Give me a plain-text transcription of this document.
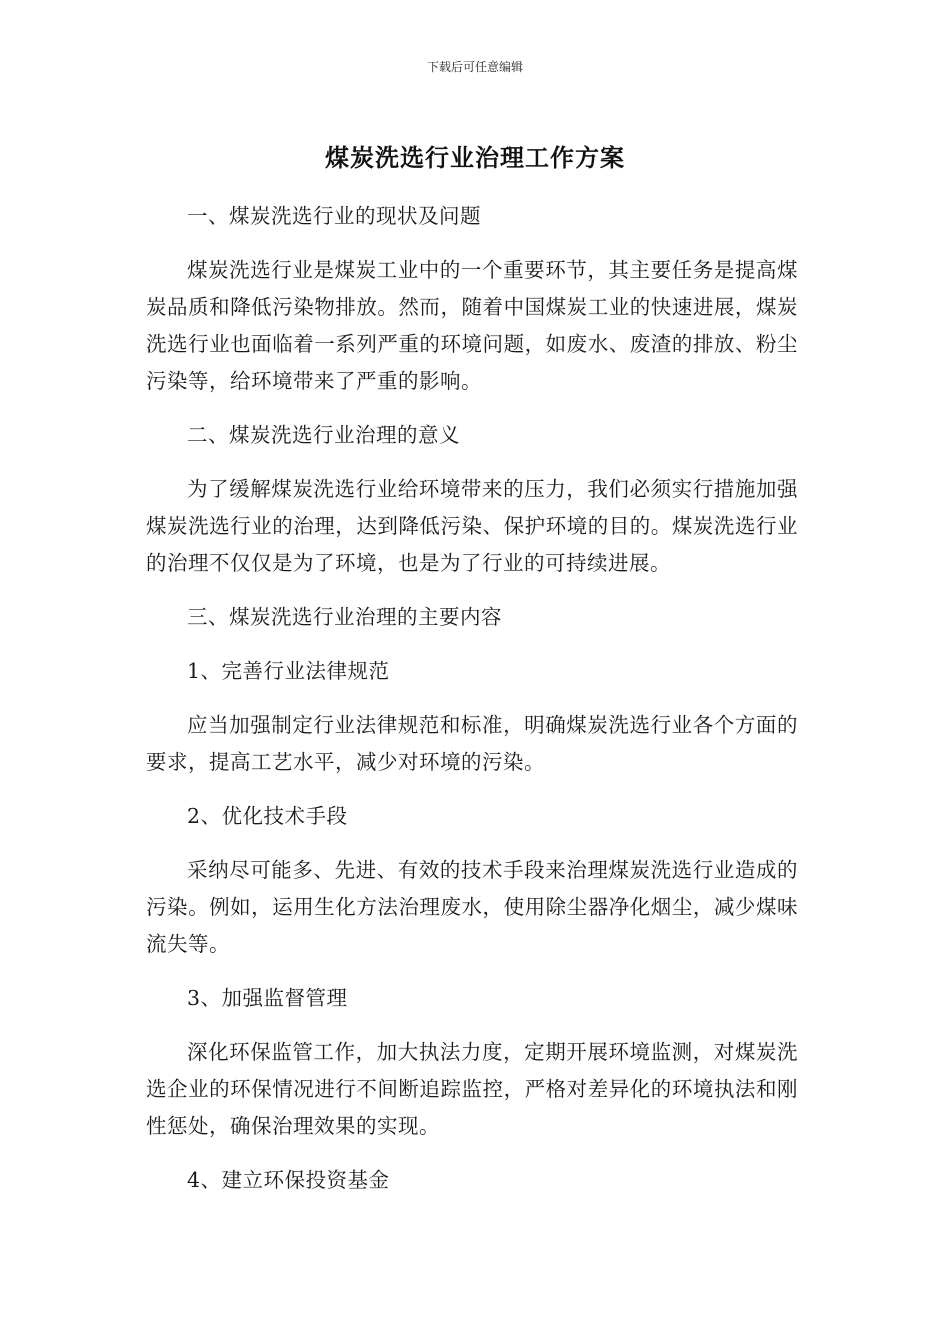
下载后可任意编辑
煤炭洗选行业治理工作方案

一、煤炭洗选行业的现状及问题

煤炭洗选行业是煤炭工业中的一个重要环节，其主要任务是提高煤炭品质和降低污染物排放。然而，随着中国煤炭工业的快速进展，煤炭洗选行业也面临着一系列严重的环境问题，如废水、废渣的排放、粉尘污染等，给环境带来了严重的影响。

二、煤炭洗选行业治理的意义

为了缓解煤炭洗选行业给环境带来的压力，我们必须实行措施加强煤炭洗选行业的治理，达到降低污染、保护环境的目的。煤炭洗选行业的治理不仅仅是为了环境，也是为了行业的可持续进展。

三、煤炭洗选行业治理的主要内容

1、完善行业法律规范

应当加强制定行业法律规范和标准，明确煤炭洗选行业各个方面的要求，提高工艺水平，减少对环境的污染。

2、优化技术手段

采纳尽可能多、先进、有效的技术手段来治理煤炭洗选行业造成的污染。例如，运用生化方法治理废水，使用除尘器净化烟尘，减少煤味流失等。

3、加强监督管理

深化环保监管工作，加大执法力度，定期开展环境监测，对煤炭洗选企业的环保情况进行不间断追踪监控，严格对差异化的环境执法和刚性惩处，确保治理效果的实现。

4、建立环保投资基金
